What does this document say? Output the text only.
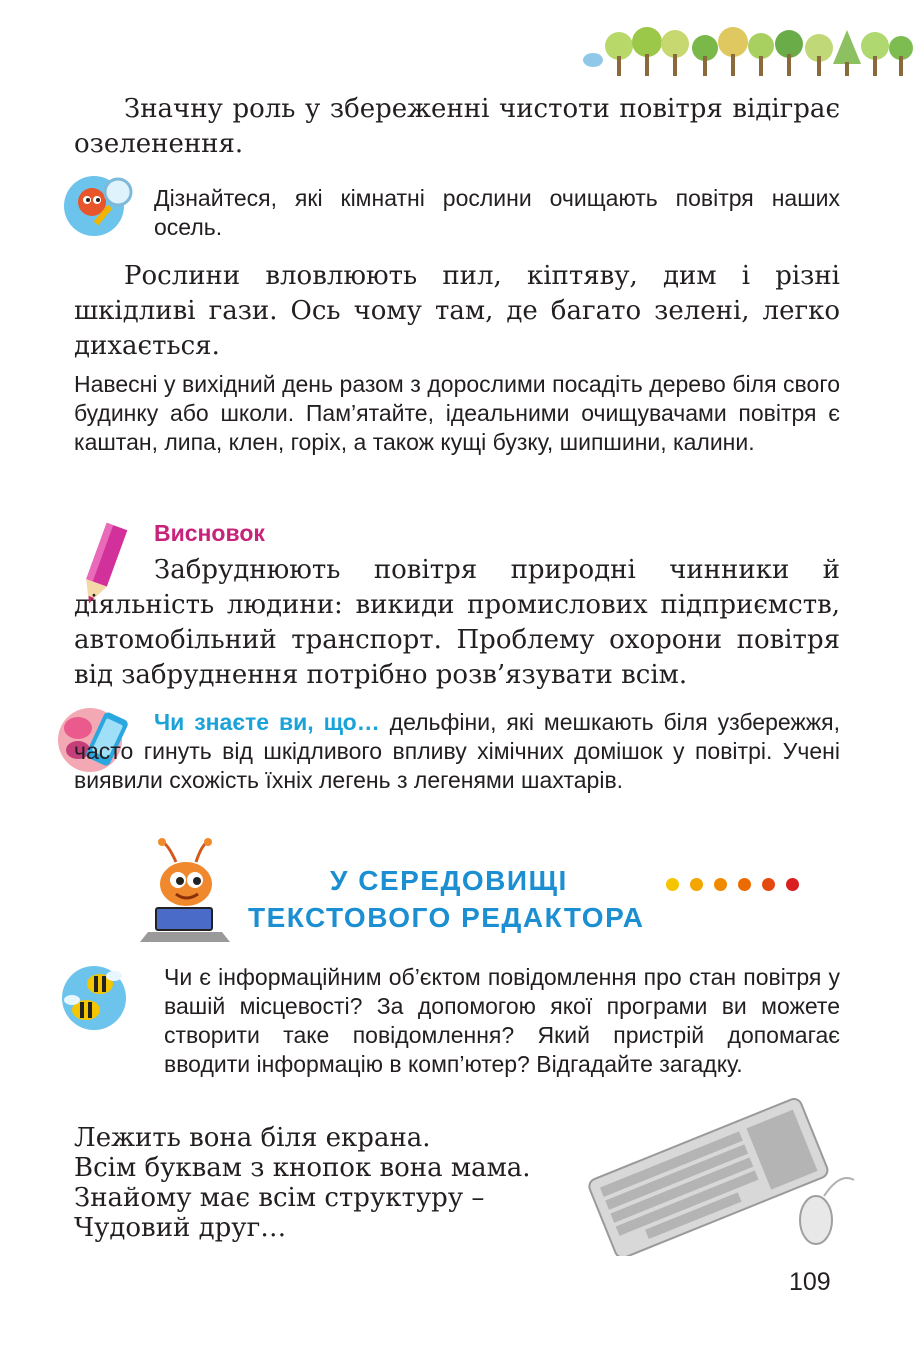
Значну роль у збереженні чистоти повітря відіграє озеленення.
Дізнайтеся, які кімнатні рослини очищають повітря наших осель.
Рослини вловлюють пил, кіптяву, дим і різні шкідливі гази. Ось чому там, де багато зелені, легко дихається.
Навесні у вихідний день разом з дорослими посадіть дерево біля свого будинку або школи. Пам’ятайте, ідеальними очищувачами повітря є каштан, липа, клен, горіх, а також кущі бузку, шипшини, калини.
Висновок
Забруднюють повітря природні чинники й діяльність людини: викиди промислових підприємств, автомобільний транспорт. Проблему охорони повітря від забруднення потрібно розв’язувати всім.
Чи знаєте ви, що… дельфіни, які мешкають біля узбережжя, часто гинуть від шкідливого впливу хімічних домішок у повітрі. Учені виявили схожість їхніх легень з легенями шахтарів.
У СЕРЕДОВИЩІ
ТЕКСТОВОГО РЕДАКТОРА
Чи є інформаційним об’єктом повідомлення про стан повітря у вашій місцевості? За допомогою якої програми ви можете створити таке повідомлення? Який пристрій допомагає вводити інформацію в комп’ютер? Відгадайте загадку.
Лежить вона біля екрана.
Всім буквам з кнопок вона мама.
Знайому має всім структуру –
Чудовий друг…
109
